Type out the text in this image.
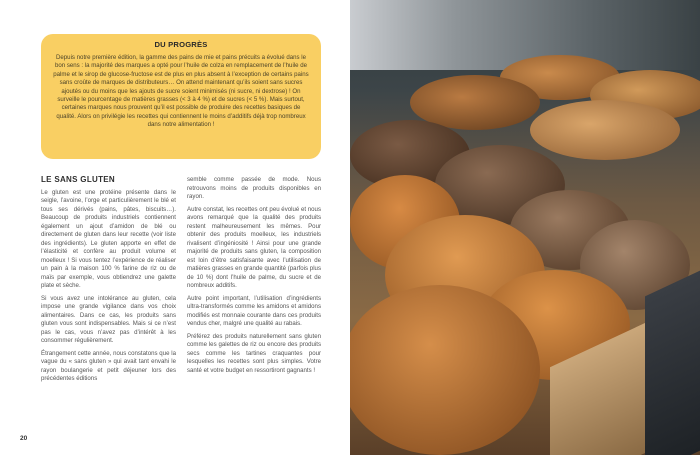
DU PROGRÈS
Depuis notre première édition, la gamme des pains de mie et pains précuits a évolué dans le bon sens : la majorité des marques a opté pour l’huile de colza en remplacement de l’huile de palme et le sirop de glucose-fructose est de plus en plus absent à l’exception de certains pains sans croûte de marques de distributeurs… On attend maintenant qu’ils soient sans sucres ajoutés ou du moins que les ajouts de sucre soient minimisés (ni sucre, ni dextrose) ! On surveille le pourcentage de matières grasses (< 3 à 4 %) et de sucres (< 5 %). Mais surtout, certaines marques nous prouvent qu’il est possible de produire des recettes basiques de qualité. Alors on privilégie les recettes qui contiennent le moins d’additifs déjà trop nombreux dans notre alimentation !
LE SANS GLUTEN

Le gluten est une protéine présente dans le seigle, l’avoine, l’orge et particulièrement le blé et tous ses dérivés (pains, pâtes, biscuits…). Beaucoup de produits industriels contiennent également un ajout d’amidon de blé ou directement de gluten dans leur recette (voir liste des ingrédients). Le gluten apporte en effet de l’élasticité et confère au produit volume et moelleux ! Si vous tentez l’expérience de réaliser un pain à la maison 100 % farine de riz ou de maïs par exemple, vous obtiendrez une galette plate et sèche.

Si vous avez une intolérance au gluten, cela impose une grande vigilance dans vos choix alimentaires. Dans ce cas, les produits sans gluten vous sont indispensables. Mais si ce n’est pas le cas, vous n’avez pas d’intérêt à les consommer régulièrement.

Étrangement cette année, nous constatons que la vague du « sans gluten » qui avait tant envahi le rayon boulangerie et petit déjeuner lors des précédentes éditions

semble comme passée de mode. Nous retrouvons moins de produits disponibles en rayon.

Autre constat, les recettes ont peu évolué et nous avons remarqué que la qualité des produits restent malheureusement les mêmes. Pour obtenir des produits moelleux, les industriels rivalisent d’ingéniosité ! Ainsi pour une grande majorité de produits sans gluten, la composition est loin d’être satisfaisante avec l’utilisation de matières grasses en grande quantité (parfois plus de 10 %) dont l’huile de palme, du sucre et de nombreux additifs.

Autre point important, l’utilisation d’ingrédients ultra-transformés comme les amidons et amidons modifiés est monnaie courante dans ces produits vendus cher, malgré une qualité au rabais.

Préférez des produits naturellement sans gluten comme les galettes de riz ou encore des produits secs comme les tartines craquantes pour lesquelles les recettes sont plus simples. Votre santé et votre budget en ressortiront gagnants !

20
